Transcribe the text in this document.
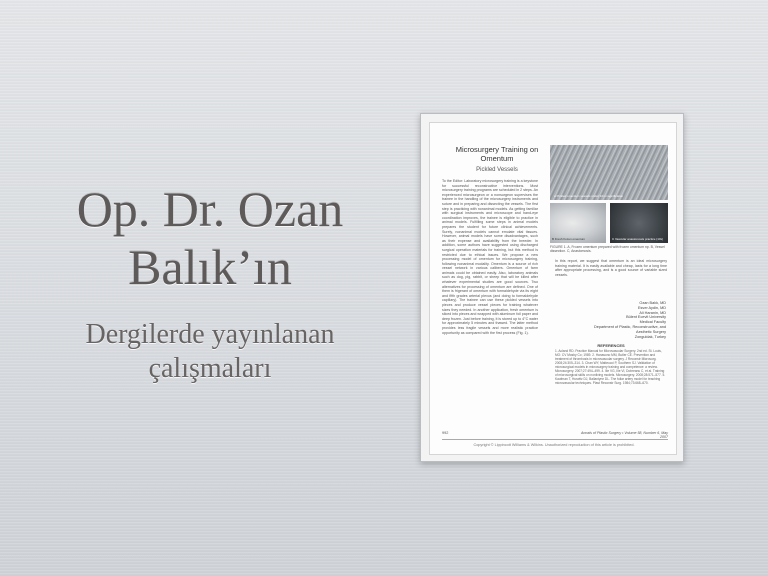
Op. Dr. Ozan
Balık’ın
Dergilerde yayınlanan
çalışmaları
Microsurgery Training on Omentum
Pickled Vessels
To the Editor: Laboratory microsurgery training is a keystone for successful reconstructive interventions. Most microsurgery training programs are scheduled in 2 steps. An experienced microsurgeon or a nonsurgeon supervises the trainee in the handling of the microsurgery instruments and suture and in preparing and dissecting the vessels. The first step is practicing with nonanimal models. As getting familiar with surgical instruments and microscope and hand-eye coordination improves, the trainee is eligible to practice in animal models. Fulfilling some steps in animal models prepares the student for future clinical achievements. Surely, nonanimal models cannot emulate vital tissues. However, animal models have some disadvantages, such as their expense and availability from the breeder. In addition, some authors have suggested using discharged surgical operation materials for training, but this method is restricted due to ethical issues. We propose a new processing model of omentum for microsurgery training, following nonanimal modality. Omentum is a source of rich vessel network in various calibers. Omentum of farm animals could be obtained easily. Also, laboratory animals such as dog, pig, rabbit, or sheep that will be killed after whatever experimental studies are good sources. Two alternatives for processing of omentum are defined. One of them is frigerant of omentum with formaldehyde via its eight and fifth grades arterial plexus (and doing to formaldehyde capillary). The trainee can use these pickled vessels into pieces and produce vessel pieces for training whatever sizes they needed. In another application, fresh omentum is sliced into pieces and wrapped with aluminum foil paper and deep frozen. Just before training, it is stored up to 4°C water for approximately 5 minutes and thawed. The latter method provides less fragile vessels and more realistic practice opportunity as compared with the first process (Fig. 1).
A Pickled omentum vessels under 10x magnification
B Fresh frozen omentum	C Vascular anastomosis practice (10x)
FIGURE 1. A, Frozen omentum prepared with frozen omentum np. B, Vessel dissection. C, Anastomosis.
In this report, we suggest that omentum is an ideal microsurgery training material. It is easily available and cheap, lasts for a long time after appropriate processing, and is a good source of variable sized vessels.
Ozan Balık, MD
Esver Aydin, MD
Ali Haranin, MD
Bülent Ecevit University
Medical Faculty
Department of Plastic, Reconstructive, and
Aesthetic Surgery
Zonguldak, Turkey
REFERENCES
1. Acland RD. Practice Manual for Microvascular Surgery. 2nd ed. St. Louis, MO: CV Mosby Co; 1989. 2. Hanasono MM, Butler CE. Prevention and treatment of thrombosis in microvascular surgery. J Reconstr Microsurg. 2008;24:305–314. 3. Chan WY, Matteucci P, Southern SJ. Validation of microsurgical models in microsurgery training and competence: a review. Microsurgery. 2007;27:494–499. 4. Ilie VG, Ilie VI, Dobreanu C, et al. Training of microsurgical skills on nonliving models. Microsurgery. 2008;28:571–577. 5. Kaufman T, Hurwitz DJ, Ballantyne DL. The foliar artery model for teaching microvascular techniques. Plast Reconstr Surg. 1984;73:668–670.
992	Annals of Plastic Surgery • Volume 58, Number 6, May 2007
Copyright © Lippincott Williams & Wilkins. Unauthorized reproduction of this article is prohibited.
